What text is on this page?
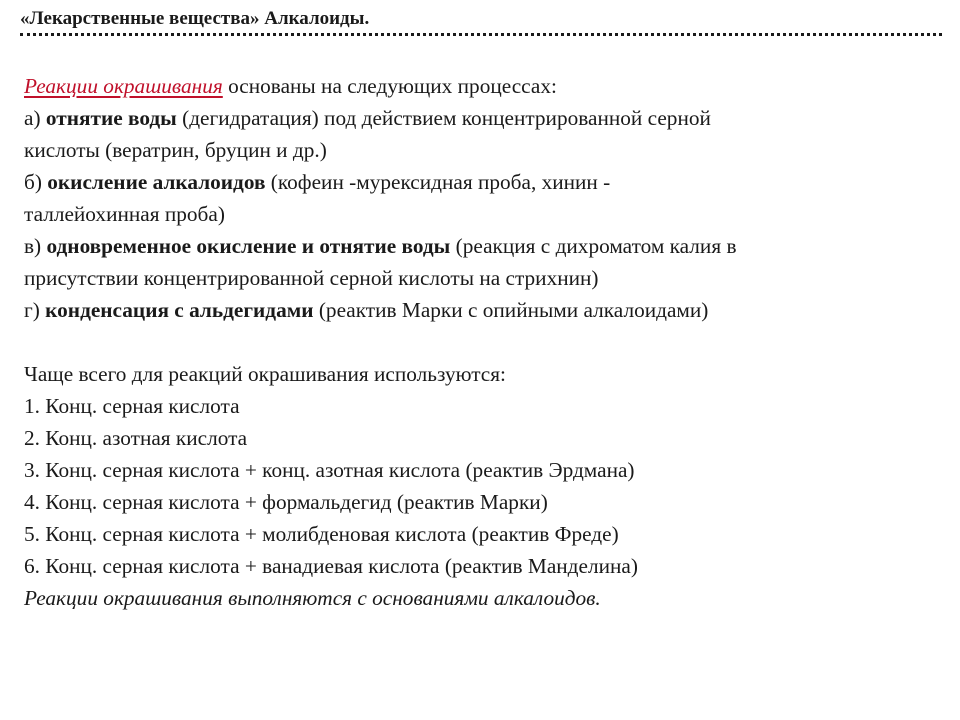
«Лекарственные вещества» Алкалоиды.

Реакции окрашивания основаны на следующих процессах:

а) отнятие воды (дегидратация) под действием концентрированной серной

кислоты (вератрин, бруцин и др.)

б) окисление алкалоидов (кофеин -мурексидная проба, хинин -

таллейохинная проба)

в) одновременное окисление и отнятие воды (реакция с дихроматом калия в

присутствии концентрированной серной кислоты на стрихнин)

г) конденсация с альдегидами (реактив Марки с опийными алкалоидами)

Чаще всего для реакций окрашивания используются:

1. Конц. серная кислота

2. Конц. азотная кислота

3. Конц. серная кислота + конц. азотная кислота (реактив Эрдмана)

4. Конц. серная кислота + формальдегид (реактив Марки)

5. Конц. серная кислота + молибденовая кислота (реактив Фреде)

6. Конц. серная кислота + ванадиевая кислота (реактив Манделина)

Реакции окрашивания выполняются с основаниями алкалоидов.
